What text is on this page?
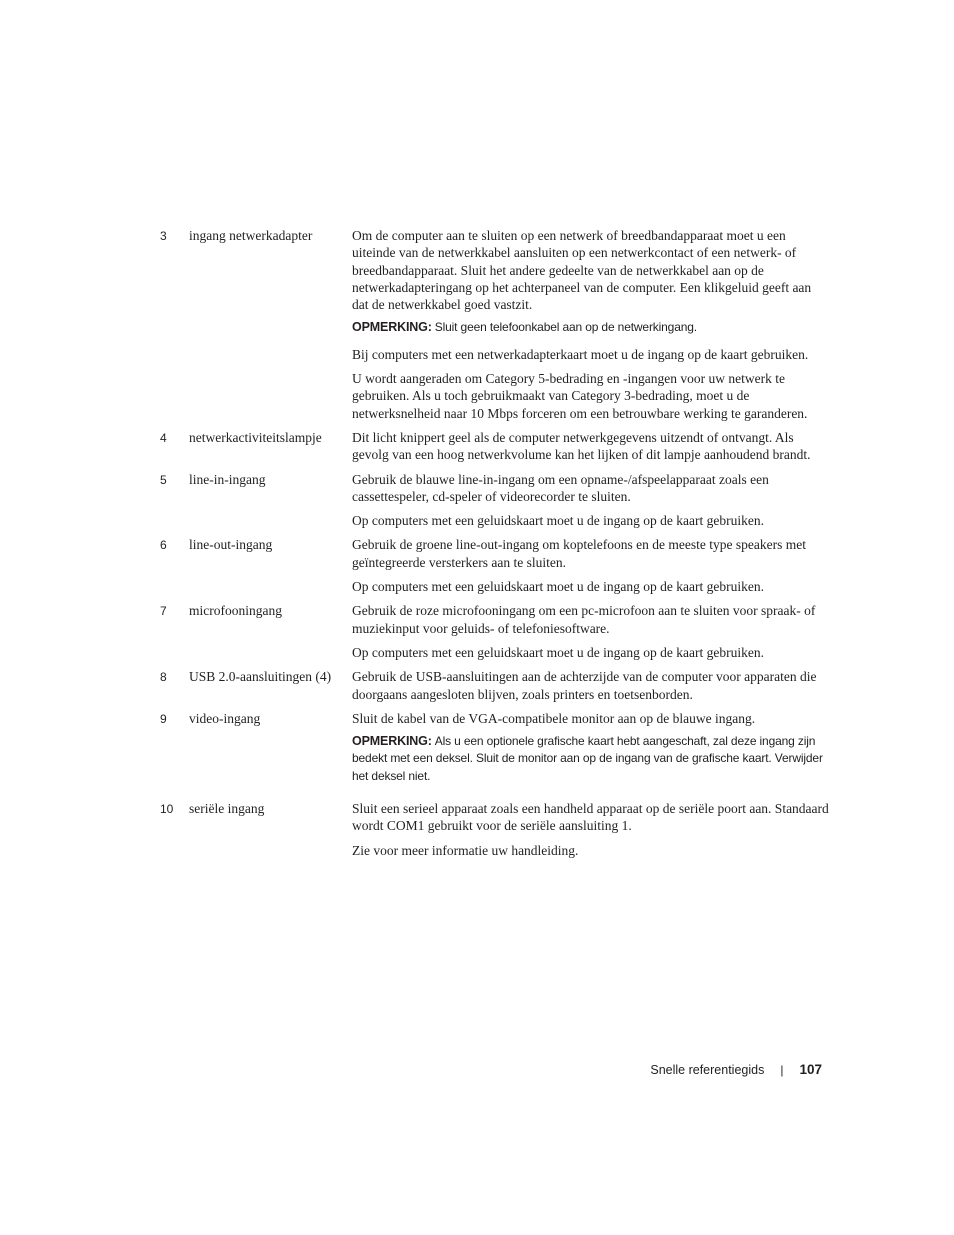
3	ingang netwerkadapter	Om de computer aan te sluiten op een netwerk of breedbandapparaat moet u een uiteinde van de netwerkkabel aansluiten op een netwerkcontact of een netwerk- of breedbandapparaat. Sluit het andere gedeelte van de netwerkkabel aan op de netwerkadapteringang op het achterpaneel van de computer. Een klikgeluid geeft aan dat de netwerkkabel goed vastzit.
OPMERKING: Sluit geen telefoonkabel aan op de netwerkingang.
Bij computers met een netwerkadapterkaart moet u de ingang op de kaart gebruiken.
U wordt aangeraden om Category 5-bedrading en -ingangen voor uw netwerk te gebruiken. Als u toch gebruikmaakt van Category 3-bedrading, moet u de netwerksnelheid naar 10 Mbps forceren om een betrouwbare werking te garanderen.
4	netwerkactiviteitslampje	Dit licht knippert geel als de computer netwerkgegevens uitzendt of ontvangt. Als gevolg van een hoog netwerkvolume kan het lijken of dit lampje aanhoudend brandt.
5	line-in-ingang	Gebruik de blauwe line-in-ingang om een opname-/afspeelapparaat zoals een cassettespeler, cd-speler of videorecorder te sluiten.
Op computers met een geluidskaart moet u de ingang op de kaart gebruiken.
6	line-out-ingang	Gebruik de groene line-out-ingang om koptelefoons en de meeste type speakers met geïntegreerde versterkers aan te sluiten.
Op computers met een geluidskaart moet u de ingang op de kaart gebruiken.
7	microfooningang	Gebruik de roze microfooningang om een pc-microfoon aan te sluiten voor spraak- of muziekinput voor geluids- of telefoniesoftware.
Op computers met een geluidskaart moet u de ingang op de kaart gebruiken.
8	USB 2.0-aansluitingen (4)	Gebruik de USB-aansluitingen aan de achterzijde van de computer voor apparaten die doorgaans aangesloten blijven, zoals printers en toetsenborden.
9	video-ingang	Sluit de kabel van de VGA-compatibele monitor aan op de blauwe ingang.
OPMERKING: Als u een optionele grafische kaart hebt aangeschaft, zal deze ingang zijn bedekt met een deksel. Sluit de monitor aan op de ingang van de grafische kaart. Verwijder het deksel niet.
10	seriële ingang	Sluit een serieel apparaat zoals een handheld apparaat op de seriële poort aan. Standaard wordt COM1 gebruikt voor de seriële aansluiting 1.
Zie voor meer informatie uw handleiding.
Snelle referentiegids | 107
